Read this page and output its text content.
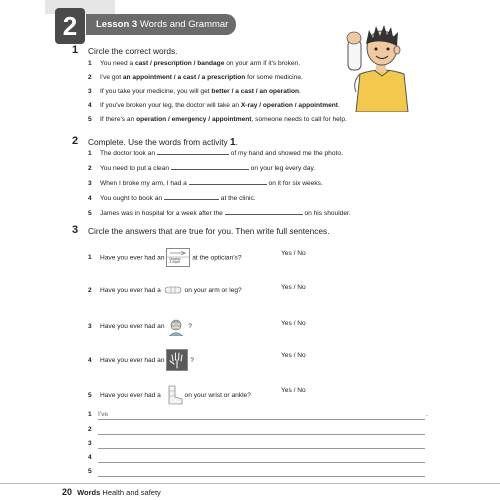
2	Lesson 3 Words and Grammar
1 Circle the correct words.
1 You need a cast / prescription / bandage on your arm if it's broken.
2 I've got an appointment / a cast / a prescription for some medicine.
3 If you take your medicine, you will get better / a cast / an operation.
4 If you've broken your leg, the doctor will take an X-ray / operation / appointment.
5 If there's an operation / emergency / appointment, someone needs to call for help.
2 Complete. Use the words from activity 1.
1 The doctor took an	of my hand and showed me the photo.
2 You need to put a clean	on your leg every day.
3 When I broke my arm, I had a	on it for six weeks.
4 You ought to book an	at the clinic.
5 James was in hospital for a week after the	on his shoulder.
3 Circle the answers that are true for you. Then write full sentences.
1 Have you ever had an Monday
3.30pm
at the optician's?
Yes / No
2 Have you ever had a	on your arm or leg?	Yes / No
3 Have you ever had an	?	Yes / No
4 Have you ever had an	?
Yes / No
5 Have you ever had a	on your wrist or ankle?
Yes / No
1 I've	.
2
3
4
5
20 Words Health and safety
